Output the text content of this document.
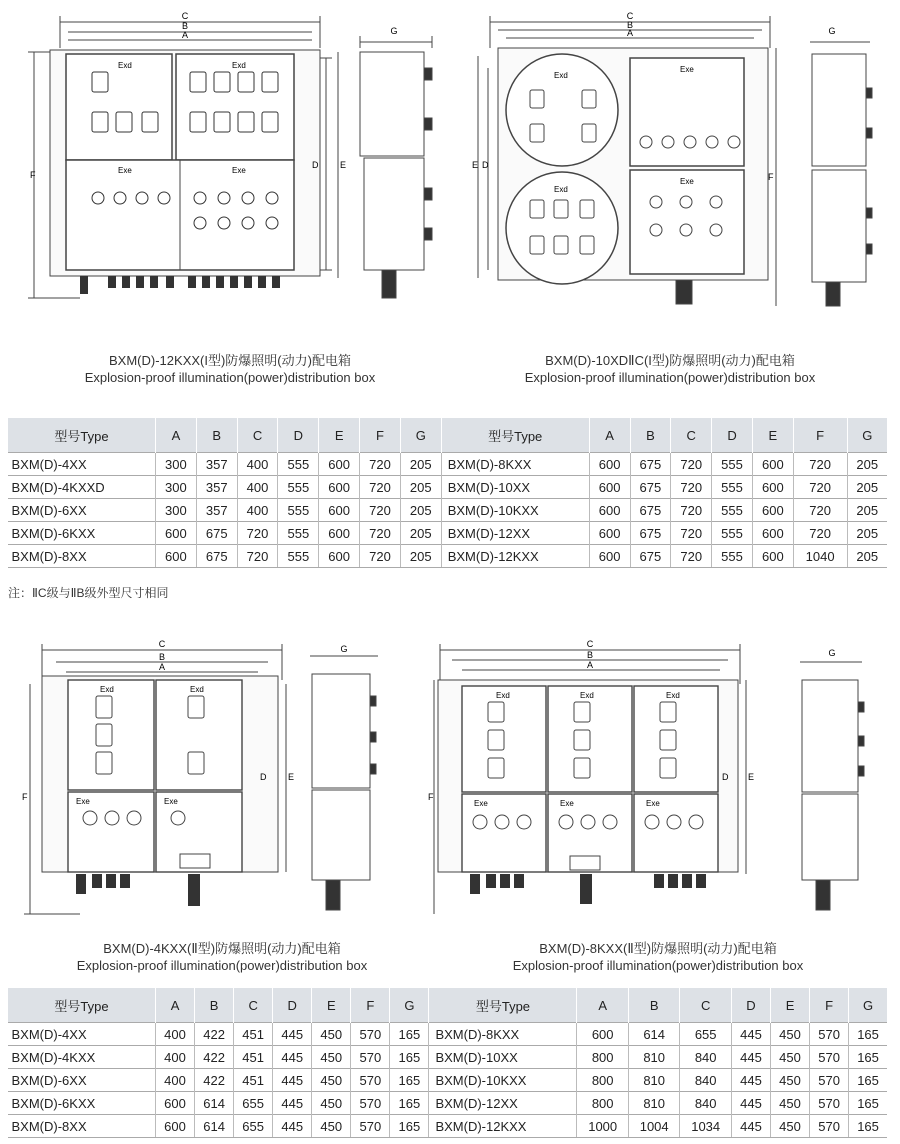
C
B
A
F
D E
Exd	Exd
Exe	Exe
G
C
B
A
E D
F
Exd
Exd
Exe
Exe
G
BXM(D)-12KXX(I型)防爆照明(动力)配电箱
Explosion-proof illumination(power)distribution box
BXM(D)-10XDⅡC(I型)防爆照明(动力)配电箱
Explosion-proof illumination(power)distribution box
型号Type	A	B	C	D	E	F	G	型号Type	A	B	C	D	E	F	G
BXM(D)-4XX	300	357	400	555	600	720	205	BXM(D)-8KXX	600	675	720	555	600	720	205
BXM(D)-4KXXD	300	357	400	555	600	720	205	BXM(D)-10XX	600	675	720	555	600	720	205
BXM(D)-6XX	300	357	400	555	600	720	205	BXM(D)-10KXX	600	675	720	555	600	720	205
BXM(D)-6KXX	600	675	720	555	600	720	205	BXM(D)-12XX	600	675	720	555	600	720	205
BXM(D)-8XX	600	675	720	555	600	720	205	BXM(D)-12KXX	600	675	720	555	600	1040	205
注：ⅡC级与ⅡB级外型尺寸相同
C
B
A
F
D E
Exd	Exd
Exe	Exe
G	C
B
A
F
D E
Exd	Exd	Exd
Exe	Exe	Exe
G
BXM(D)-4KXX(Ⅱ型)防爆照明(动力)配电箱
Explosion-proof illumination(power)distribution box
BXM(D)-8KXX(Ⅱ型)防爆照明(动力)配电箱
Explosion-proof illumination(power)distribution box
型号Type	A	B	C	D	E	F	G	型号Type	A	B	C	D	E	F	G
BXM(D)-4XX	400	422	451	445	450	570	165	BXM(D)-8KXX	600	614	655	445	450	570	165
BXM(D)-4KXX	400	422	451	445	450	570	165	BXM(D)-10XX	800	810	840	445	450	570	165
BXM(D)-6XX	400	422	451	445	450	570	165	BXM(D)-10KXX	800	810	840	445	450	570	165
BXM(D)-6KXX	600	614	655	445	450	570	165	BXM(D)-12XX	800	810	840	445	450	570	165
BXM(D)-8XX	600	614	655	445	450	570	165	BXM(D)-12KXX	1000	1004	1034	445	450	570	165
